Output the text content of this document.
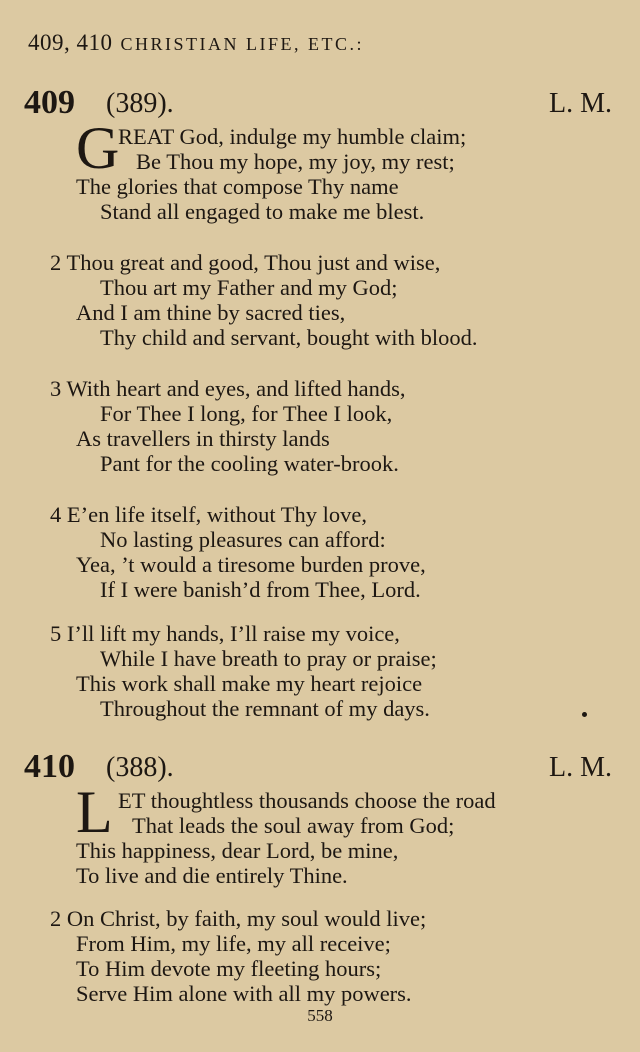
409, 410 CHRISTIAN LIFE, ETC.:
409 (389).	L. M.
G
REAT God, indulge my humble claim;
Be Thou my hope, my joy, my rest;
The glories that compose Thy name
Stand all engaged to make me blest.
2 Thou great and good, Thou just and wise,
Thou art my Father and my God;
And I am thine by sacred ties,
Thy child and servant, bought with blood.
3 With heart and eyes, and lifted hands,
For Thee I long, for Thee I look,
As travellers in thirsty lands
Pant for the cooling water-brook.
4 E’en life itself, without Thy love,
No lasting pleasures can afford:
Yea, ’t would a tiresome burden prove,
If I were banish’d from Thee, Lord.
5 I’ll lift my hands, I’ll raise my voice,
While I have breath to pray or praise;
This work shall make my heart rejoice
Throughout the remnant of my days.
410 (388).	L. M.
L ET thoughtless thousands choose the road
That leads the soul away from God;
This happiness, dear Lord, be mine,
To live and die entirely Thine.
2 On Christ, by faith, my soul would live;
From Him, my life, my all receive;
To Him devote my fleeting hours;
Serve Him alone with all my powers.
558
